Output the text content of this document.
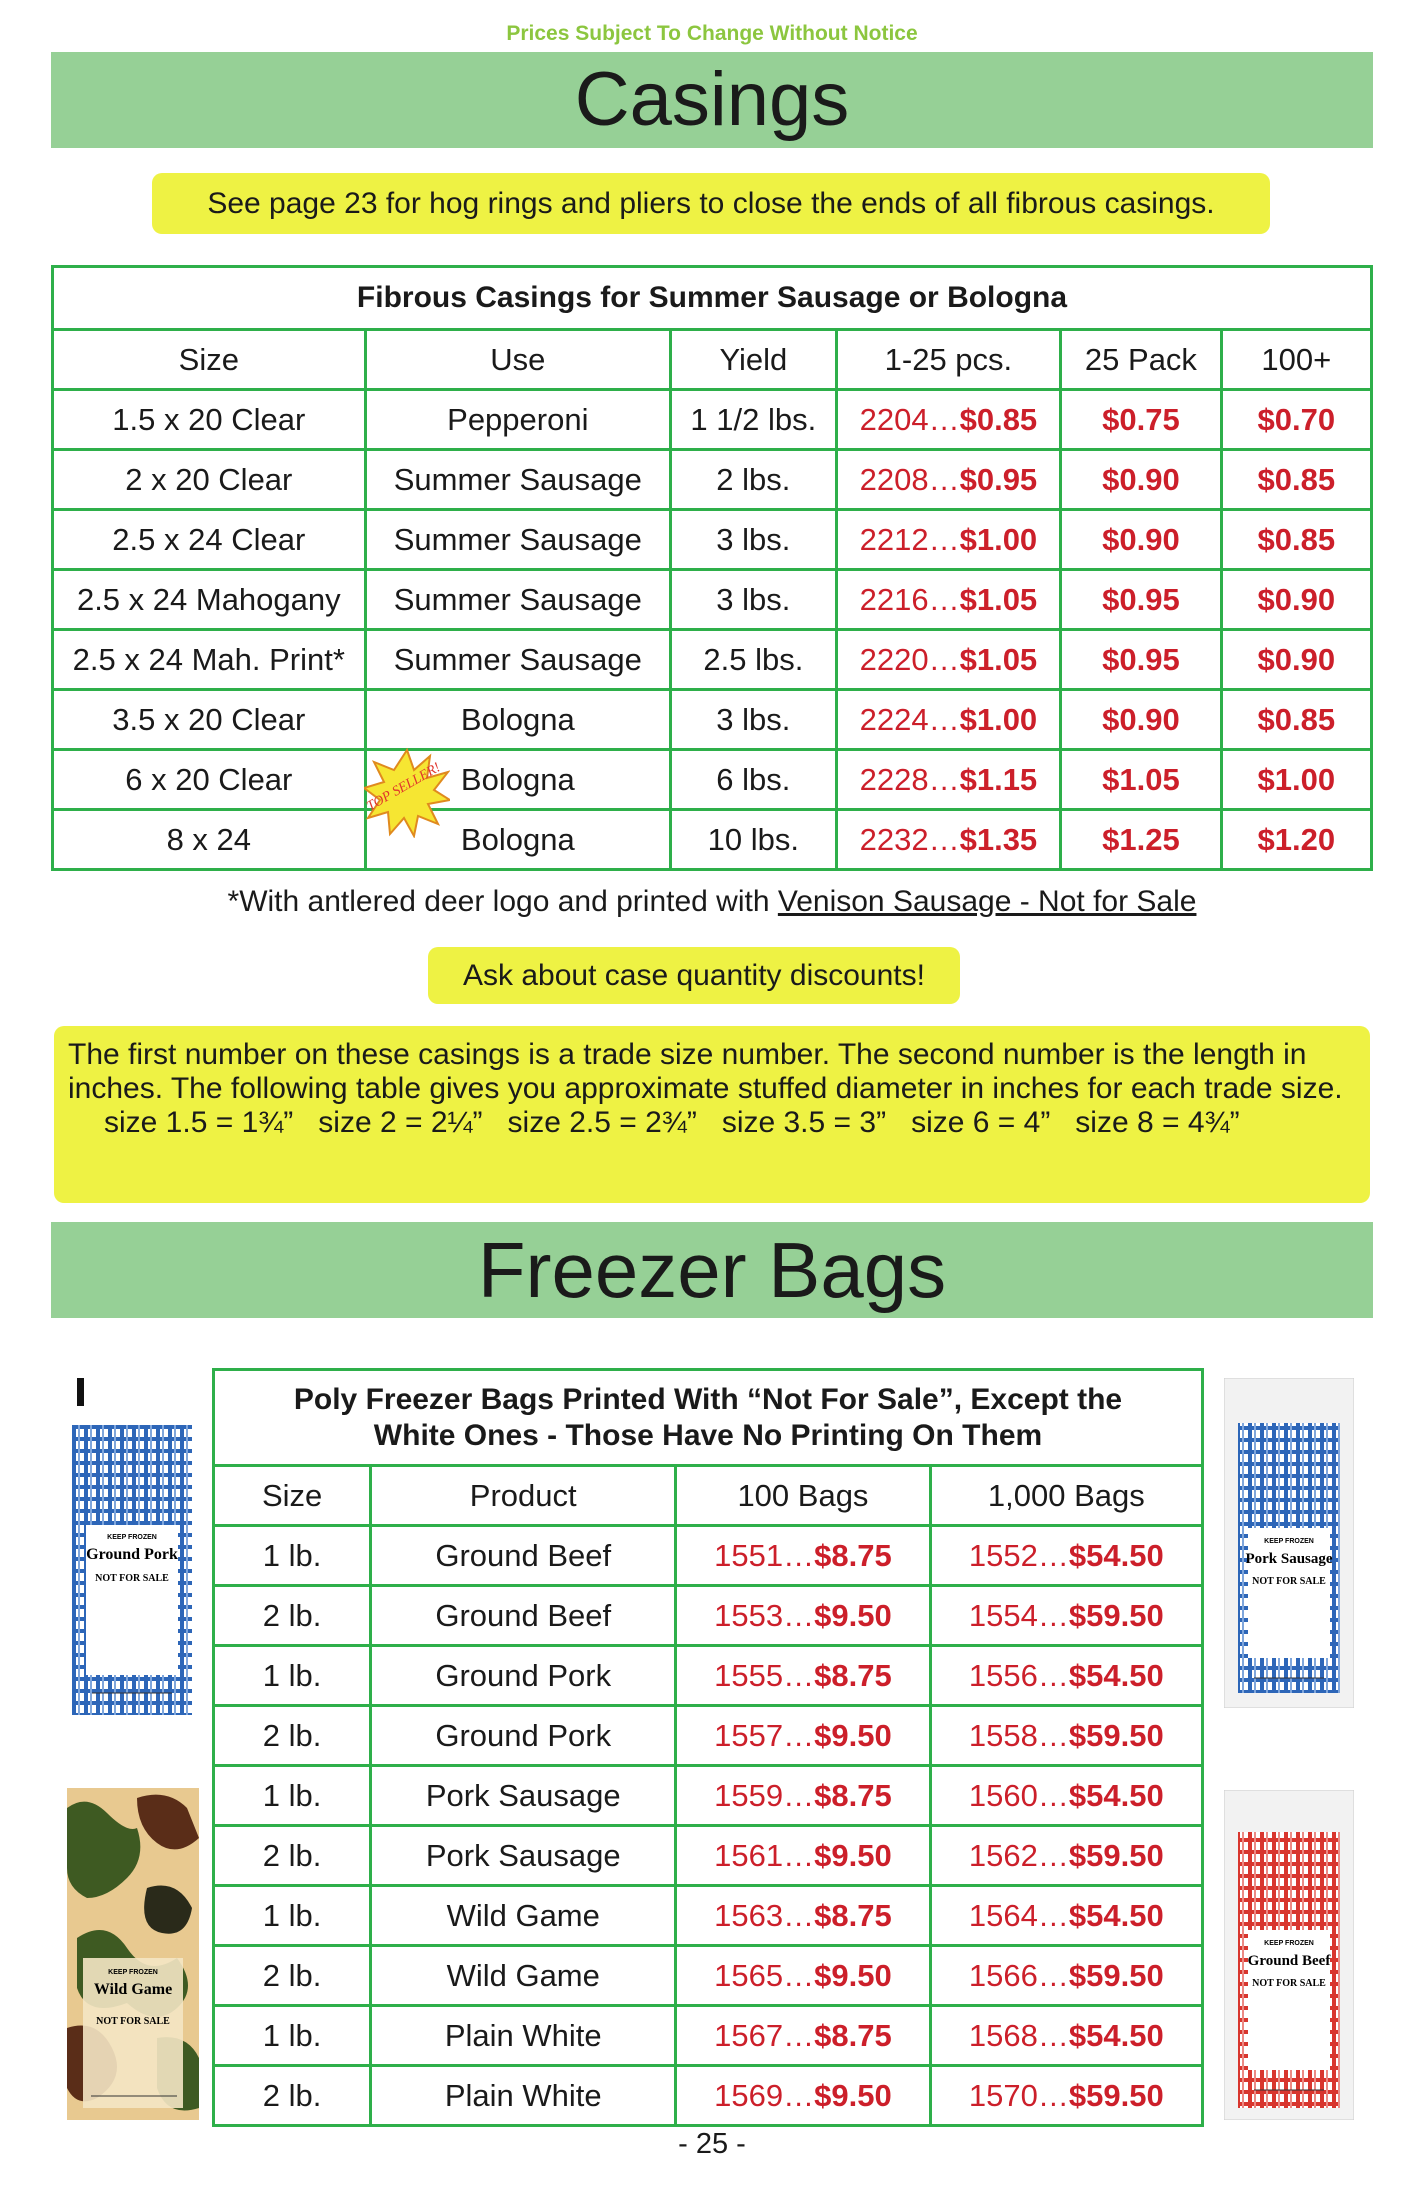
Prices Subject To Change Without Notice
Casings
See page 23 for hog rings and pliers to close the ends of all fibrous casings.
Fibrous Casings for Summer Sausage or Bologna					
Size	Use	Yield	1-25 pcs.	25 Pack	100+
1.5 x 20 Clear	Pepperoni	1 1/2 lbs.	2204…$0.85	$0.75	$0.70
2 x 20 Clear	Summer Sausage	2 lbs.	2208…$0.95	$0.90	$0.85
2.5 x 24 Clear	Summer Sausage	3 lbs.	2212…$1.00	$0.90	$0.85
2.5 x 24 Mahogany	Summer Sausage	3 lbs.	2216…$1.05	$0.95	$0.90
2.5 x 24 Mah. Print*	Summer Sausage	2.5 lbs.	2220…$1.05	$0.95	$0.90
3.5 x 20 Clear	Bologna	3 lbs.	2224…$1.00	$0.90	$0.85
6 x 20 Clear	Bologna	6 lbs.	2228…$1.15	$1.05	$1.00
8 x 24	Bologna	10 lbs.	2232…$1.35	$1.25	$1.20
TOP SELLER!
*With antlered deer logo and printed with Venison Sausage - Not for Sale
Ask about case quantity discounts!
The first number on these casings is a trade size number. The second number is the length in inches. The following table gives you approximate stuffed diameter in inches for each trade size.
size 1.5 = 1¾”   size 2 = 2¼”   size 2.5 = 2¾”   size 3.5 = 3”   size 6 = 4”   size 8 = 4¾”
Freezer Bags
Poly Freezer Bags Printed With “Not For Sale”, Except the
White Ones - Those Have No Printing On Them			
Size	Product	100 Bags	1,000 Bags
1 lb.	Ground Beef	1551…$8.75	1552…$54.50
2 lb.	Ground Beef	1553…$9.50	1554…$59.50
1 lb.	Ground Pork	1555…$8.75	1556…$54.50
2 lb.	Ground Pork	1557…$9.50	1558…$59.50
1 lb.	Pork Sausage	1559…$8.75	1560…$54.50
2 lb.	Pork Sausage	1561…$9.50	1562…$59.50
1 lb.	Wild Game	1563…$8.75	1564…$54.50
2 lb.	Wild Game	1565…$9.50	1566…$59.50
1 lb.	Plain White	1567…$8.75	1568…$54.50
2 lb.	Plain White	1569…$9.50	1570…$59.50
KEEP FROZEN
Ground Pork
NOT FOR SALE
KEEP FROZEN
Wild Game
NOT FOR SALE
KEEP FROZEN
Pork Sausage
NOT FOR SALE
KEEP FROZEN
Ground Beef
NOT FOR SALE
- 25 -
